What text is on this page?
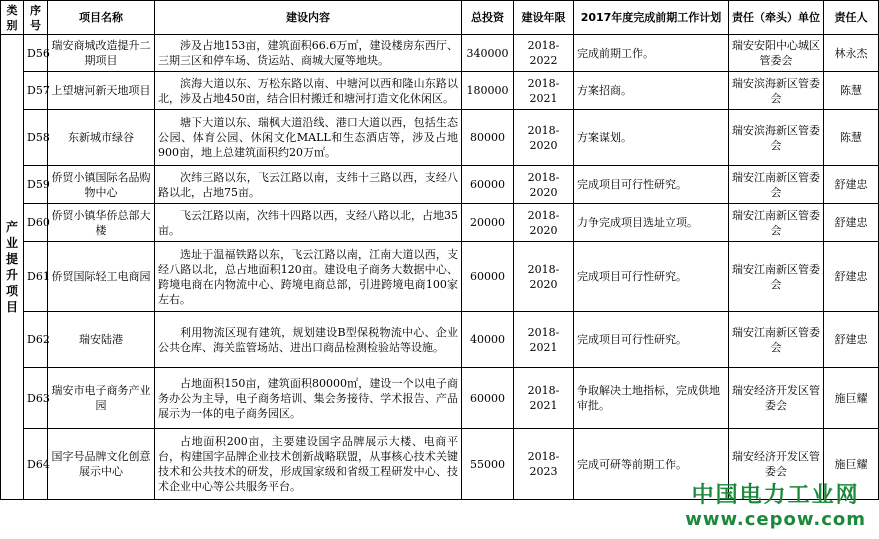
类别	序号	项目名称	建设内容	总投资	建设年限	2017年度完成前期工作计划	责任（牵头）单位	责任人

产业提升项目	D56	瑞安商城改造提升二期项目	涉及占地153亩，建筑面积66.6万㎡，建设楼房东西厅、三期三区和停车场、货运站、商城大厦等地块。	340000	2018-2022	完成前期工作。	瑞安安阳中心城区管委会	林永杰
	D57	上望塘河新天地项目	滨海大道以东、万松东路以南、中塘河以西和隆山东路以北，涉及占地450亩，结合旧村搬迁和塘河打造文化休闲区。	180000	2018-2021	方案招商。	瑞安滨海新区管委会	陈慧
	D58	东新城市绿谷	塘下大道以东、瑞枫大道沿线、港口大道以西，包括生态公园、体育公园、休闲文化MALL和生态酒店等，涉及占地900亩，地上总建筑面积约20万㎡。	80000	2018-2020	方案谋划。	瑞安滨海新区管委会	陈慧
	D59	侨贸小镇国际名品购物中心	次纬三路以东，飞云江路以南，支纬十三路以西，支经八路以北，占地75亩。	60000	2018-2020	完成项目可行性研究。	瑞安江南新区管委会	舒建忠
	D60	侨贸小镇华侨总部大楼	飞云江路以南，次纬十四路以西，支经八路以北，占地35亩。	20000	2018-2020	力争完成项目选址立项。	瑞安江南新区管委会	舒建忠
	D61	侨贸国际轻工电商园	选址于温福铁路以东，飞云江路以南，江南大道以西，支经八路以北，总占地面积120亩。建设电子商务大数据中心、跨境电商在内物流中心、跨境电商总部，引进跨境电商100家左右。	60000	2018-2020	完成项目可行性研究。	瑞安江南新区管委会	舒建忠
	D62	瑞安陆港	利用物流区现有建筑，规划建设B型保税物流中心、企业公共仓库、海关监管场站、进出口商品检测检验站等设施。	40000	2018-2021	完成项目可行性研究。	瑞安江南新区管委会	舒建忠
	D63	瑞安市电子商务产业园	占地面积150亩，建筑面积80000㎡，建设一个以电子商务办公为主导，电子商务培训、集会务接待、学术报告、产品展示为一体的电子商务园区。	60000	2018-2021	争取解决土地指标，完成供地审批。	瑞安经济开发区管委会	施巨耀
	D64	国字号品牌文化创意展示中心	占地面积200亩，主要建设国字品牌展示大楼、电商平台，构建国字品牌企业技术创新战略联盟，从事核心技术关键技术和公共技术的研发，形成国家级和省级工程研发中心、技术企业中心等公共服务平台。	55000	2018-2023	完成可研等前期工作。	瑞安经济开发区管委会	施巨耀
中国电力工业网
www.cepow.com
